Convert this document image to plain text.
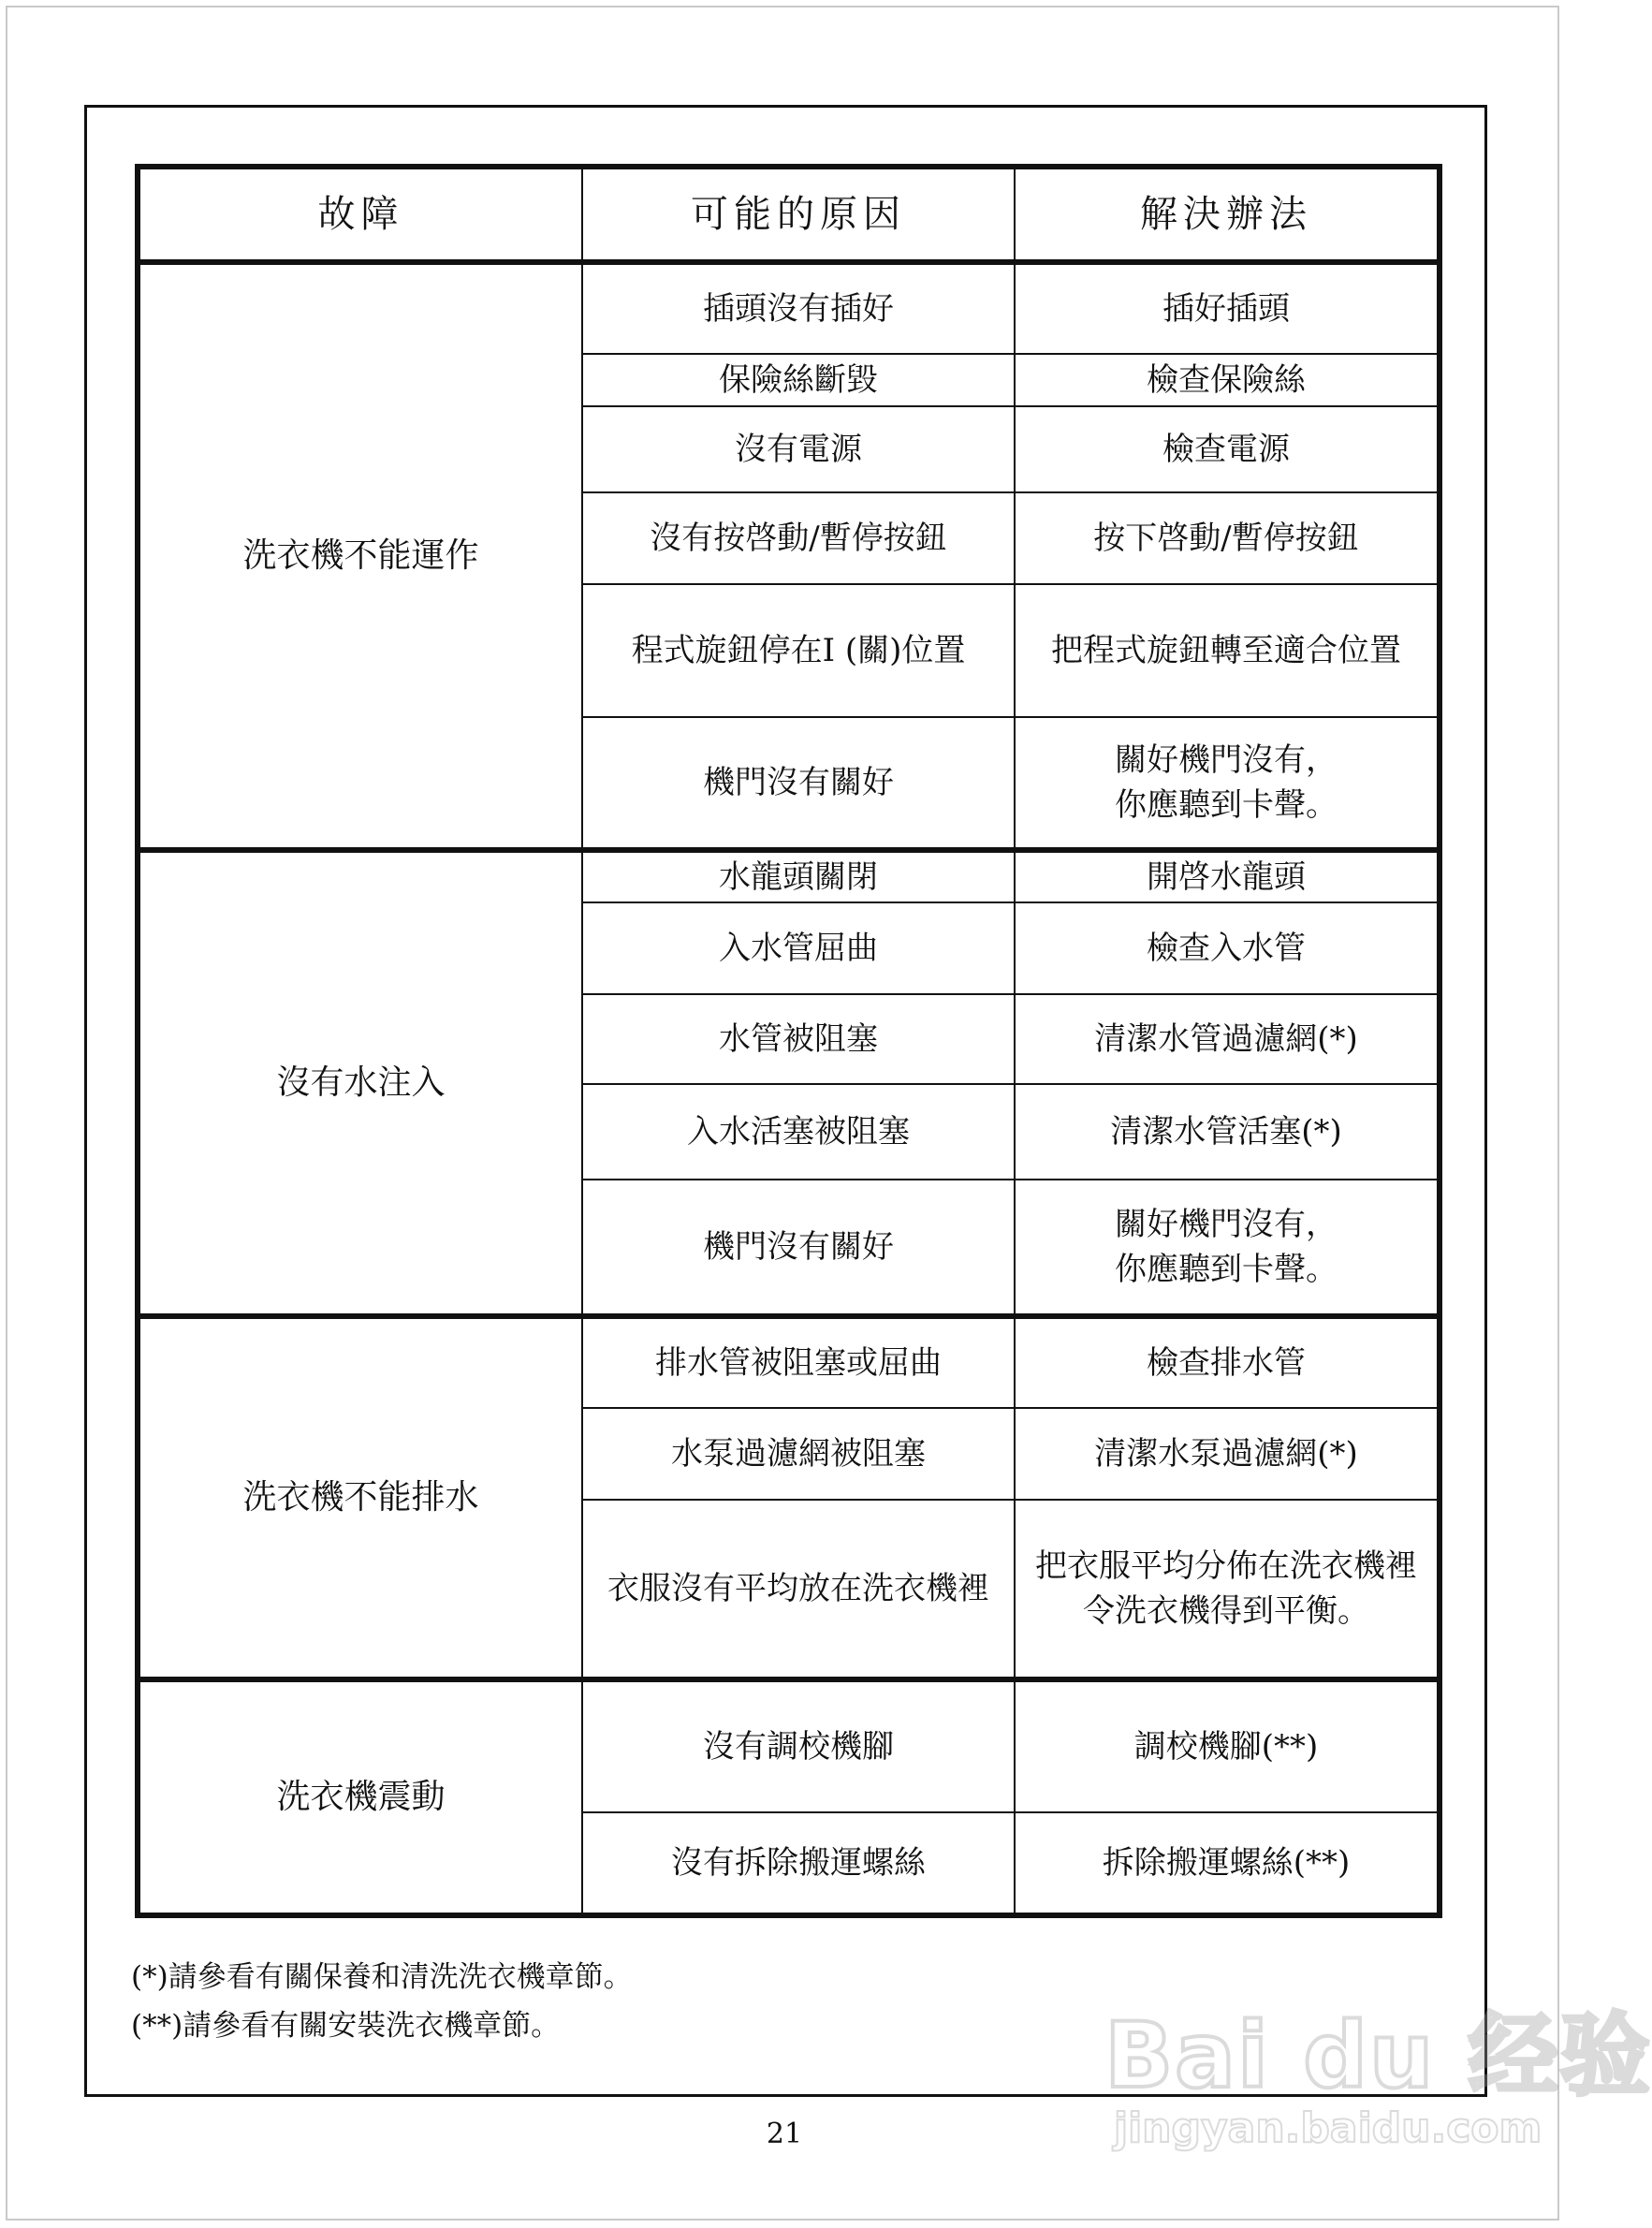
故障	可能的原因	解決辦法
洗衣機不能運作	插頭沒有插好	插好插頭
	保險絲斷毀	檢查保險絲
	沒有電源	檢查電源
	沒有按啓動/暫停按鈕	按下啓動/暫停按鈕
	程式旋鈕停在I (關)位置	把程式旋鈕轉至適合位置
	機門沒有關好	關好機門沒有，
你應聽到卡聲。
沒有水注入	水龍頭關閉	開啓水龍頭
	入水管屈曲	檢查入水管
	水管被阻塞	清潔水管過濾網(*)
	入水活塞被阻塞	清潔水管活塞(*)
	機門沒有關好	關好機門沒有，
你應聽到卡聲。
洗衣機不能排水	排水管被阻塞或屈曲	檢查排水管
	水泵過濾網被阻塞	清潔水泵過濾網(*)
	衣服沒有平均放在洗衣機裡	把衣服平均分佈在洗衣機裡
令洗衣機得到平衡。
洗衣機震動	沒有調校機腳	調校機腳(**)
	沒有拆除搬運螺絲	拆除搬運螺絲(**)
(*)請參看有關保養和清洗洗衣機章節。
(**)請參看有關安裝洗衣機章節。
21
Bai du 经验
jingyan.baidu.com
